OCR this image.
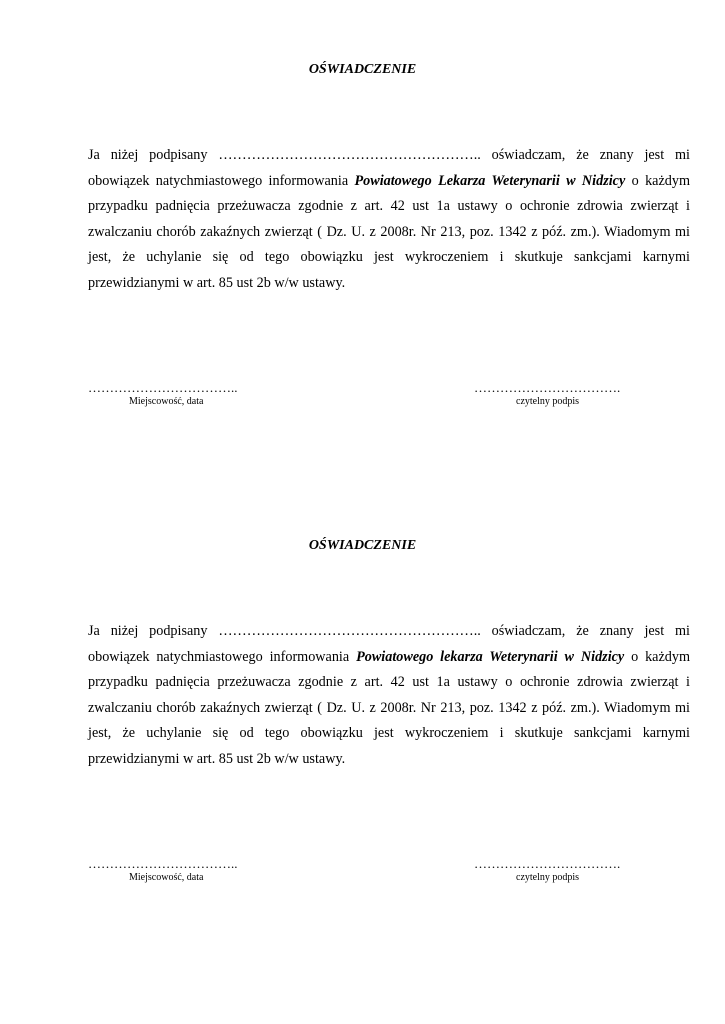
OŚWIADCZENIE

Ja niżej podpisany ……………………………………………….. oświadczam, że znany jest mi obowiązek natychmiastowego informowania Powiatowego Lekarza Weterynarii w Nidzicy o każdym przypadku padnięcia przeżuwacza zgodnie z art. 42 ust 1a ustawy o ochronie zdrowia zwierząt i zwalczaniu chorób zakaźnych zwierząt ( Dz. U. z 2008r. Nr 213, poz. 1342 z póź. zm.). Wiadomym mi jest, że uchylanie się od tego obowiązku jest wykroczeniem i skutkuje sankcjami karnymi przewidzianymi w art. 85 ust 2b w/w ustawy.

……………………………..
Miejscowość, data
…………………………….
czytelny podpis
OŚWIADCZENIE

Ja niżej podpisany ……………………………………………….. oświadczam, że znany jest mi obowiązek natychmiastowego informowania Powiatowego lekarza Weterynarii w Nidzicy o każdym przypadku padnięcia przeżuwacza zgodnie z art. 42 ust 1a ustawy o ochronie zdrowia zwierząt i zwalczaniu chorób zakaźnych zwierząt ( Dz. U. z 2008r. Nr 213, poz. 1342 z póź. zm.). Wiadomym mi jest, że uchylanie się od tego obowiązku jest wykroczeniem i skutkuje sankcjami karnymi przewidzianymi w art. 85 ust 2b w/w ustawy.

……………………………..
Miejscowość, data
…………………………….
czytelny podpis
